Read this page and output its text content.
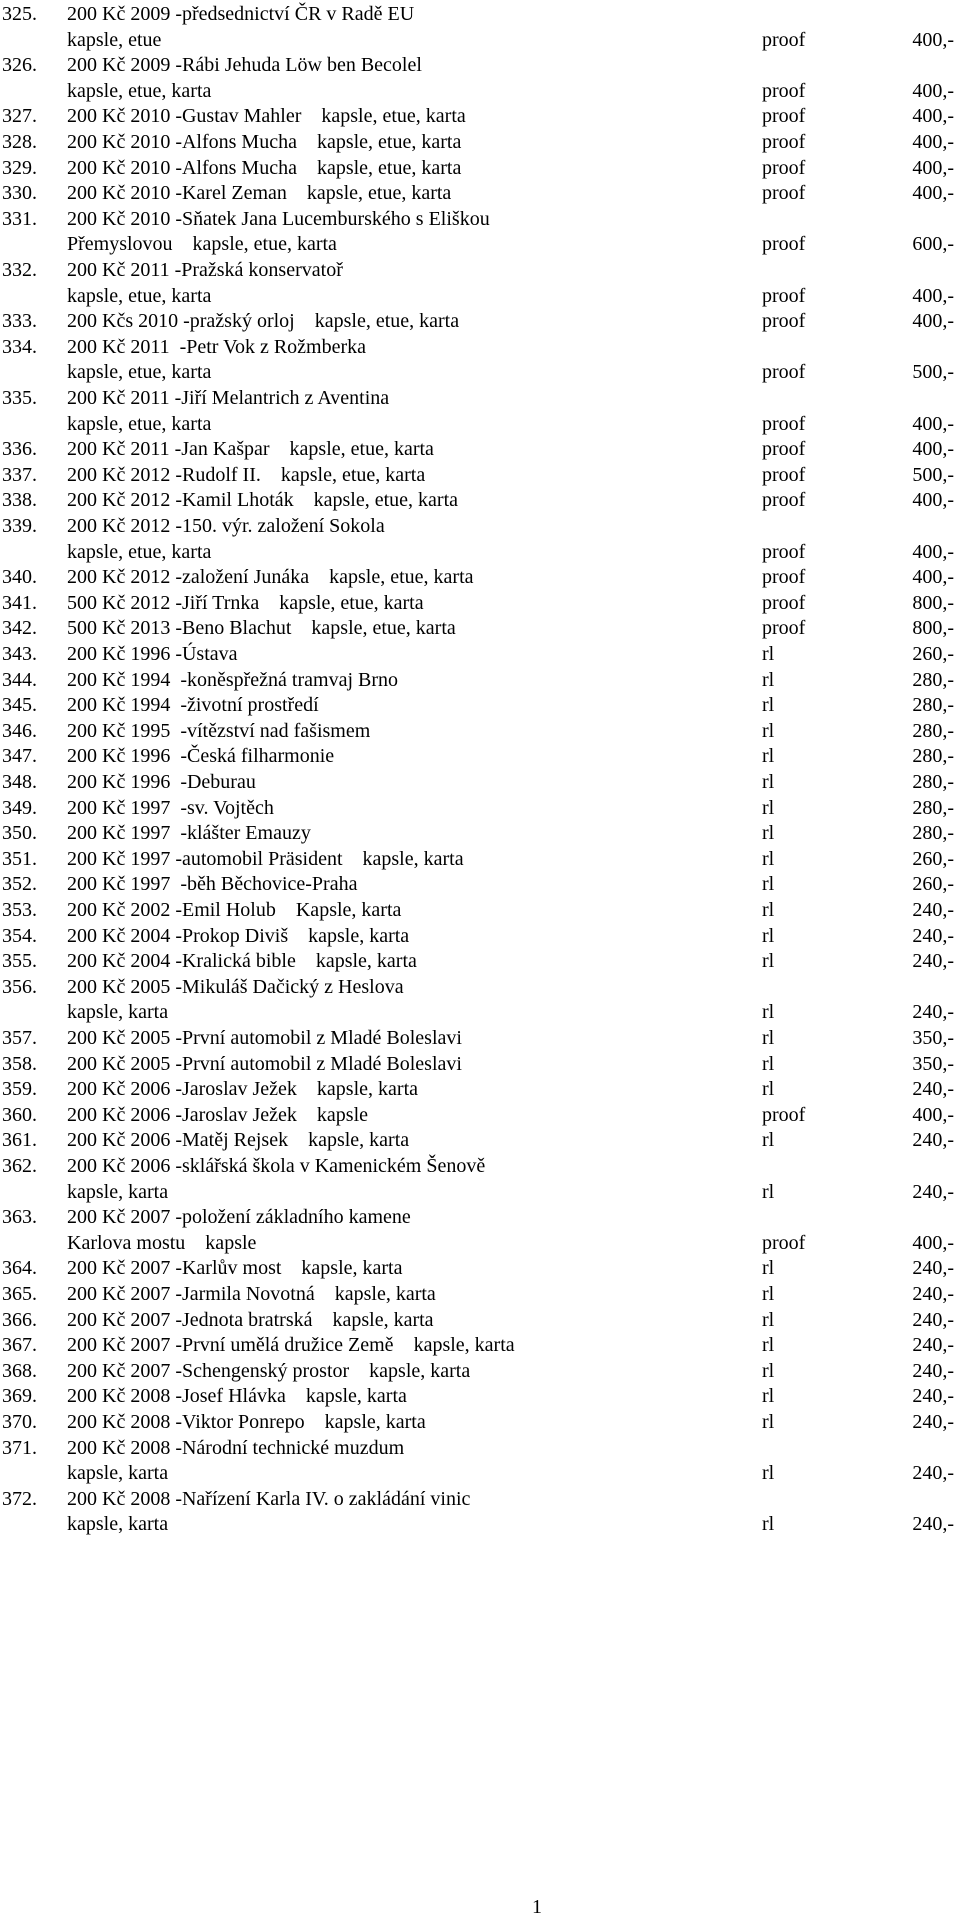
325. 200 Kč 2009 -předsednictví ČR v Radě EU
kapsle, etue	proof	400,-
326. 200 Kč 2009 -Rábi Jehuda Löw ben Becolel
kapsle, etue, karta	proof	400,-
327. 200 Kč 2010 -Gustav Mahler    kapsle, etue, karta	proof	400,-
328. 200 Kč 2010 -Alfons Mucha    kapsle, etue, karta	proof	400,-
329. 200 Kč 2010 -Alfons Mucha    kapsle, etue, karta	proof	400,-
330. 200 Kč 2010 -Karel Zeman    kapsle, etue, karta	proof	400,-
331. 200 Kč 2010 -Sňatek Jana Lucemburského s Eliškou
Přemyslovou    kapsle, etue, karta	proof	600,-
332. 200 Kč 2011 -Pražská konservatoř
kapsle, etue, karta	proof	400,-
333. 200 Kčs 2010 -pražský orloj    kapsle, etue, karta	proof	400,-
334. 200 Kč 2011  -Petr Vok z Rožmberka
kapsle, etue, karta	proof	500,-
335. 200 Kč 2011 -Jiří Melantrich z Aventina
kapsle, etue, karta	proof	400,-
336. 200 Kč 2011 -Jan Kašpar    kapsle, etue, karta	proof	400,-
337. 200 Kč 2012 -Rudolf II.    kapsle, etue, karta	proof	500,-
338. 200 Kč 2012 -Kamil Lhoták    kapsle, etue, karta	proof	400,-
339. 200 Kč 2012 -150. výr. založení Sokola
kapsle, etue, karta	proof	400,-
340. 200 Kč 2012 -založení Junáka    kapsle, etue, karta	proof	400,-
341. 500 Kč 2012 -Jiří Trnka    kapsle, etue, karta	proof	800,-
342. 500 Kč 2013 -Beno Blachut    kapsle, etue, karta	proof	800,-
343. 200 Kč 1996 -Ústava	rl	260,-
344. 200 Kč 1994  -koněspřežná tramvaj Brno	rl	280,-
345. 200 Kč 1994  -životní prostředí	rl	280,-
346. 200 Kč 1995  -vítězství nad fašismem	rl	280,-
347. 200 Kč 1996  -Česká filharmonie	rl	280,-
348. 200 Kč 1996  -Deburau	rl	280,-
349. 200 Kč 1997  -sv. Vojtěch	rl	280,-
350. 200 Kč 1997  -klášter Emauzy	rl	280,-
351. 200 Kč 1997 -automobil Präsident    kapsle, karta	rl	260,-
352. 200 Kč 1997  -běh Běchovice-Praha	rl	260,-
353. 200 Kč 2002 -Emil Holub    Kapsle, karta	rl	240,-
354. 200 Kč 2004 -Prokop Diviš    kapsle, karta	rl	240,-
355. 200 Kč 2004 -Kralická bible    kapsle, karta	rl	240,-
356. 200 Kč 2005 -Mikuláš Dačický z Heslova
kapsle, karta	rl	240,-
357. 200 Kč 2005 -První automobil z Mladé Boleslavi	rl	350,-
358. 200 Kč 2005 -První automobil z Mladé Boleslavi	rl	350,-
359. 200 Kč 2006 -Jaroslav Ježek    kapsle, karta	rl	240,-
360. 200 Kč 2006 -Jaroslav Ježek    kapsle	proof	400,-
361. 200 Kč 2006 -Matěj Rejsek    kapsle, karta	rl	240,-
362. 200 Kč 2006 -sklářská škola v Kamenickém Šenově
kapsle, karta	rl	240,-
363. 200 Kč 2007 -položení základního kamene
Karlova mostu    kapsle	proof	400,-
364. 200 Kč 2007 -Karlův most    kapsle, karta	rl	240,-
365. 200 Kč 2007 -Jarmila Novotná    kapsle, karta	rl	240,-
366. 200 Kč 2007 -Jednota bratrská    kapsle, karta	rl	240,-
367. 200 Kč 2007 -První umělá družice Země    kapsle, karta	rl	240,-
368. 200 Kč 2007 -Schengenský prostor    kapsle, karta	rl	240,-
369. 200 Kč 2008 -Josef Hlávka    kapsle, karta	rl	240,-
370. 200 Kč 2008 -Viktor Ponrepo    kapsle, karta	rl	240,-
371. 200 Kč 2008 -Národní technické muzdum
kapsle, karta	rl	240,-
372. 200 Kč 2008 -Nařízení Karla IV. o zakládání vinic
kapsle, karta	rl	240,-
1
